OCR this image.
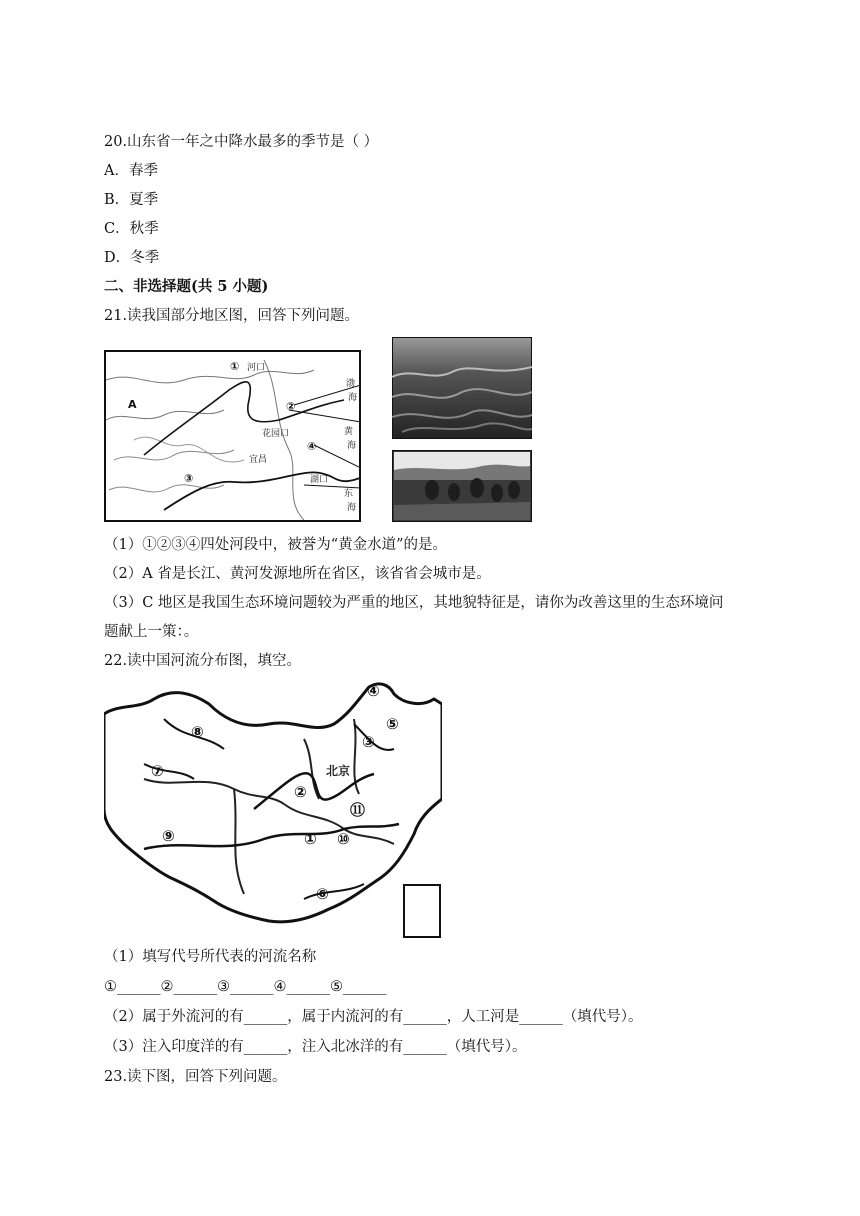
20.山东省一年之中降水最多的季节是（ ）
A．春季
B．夏季
C．秋季
D．冬季
二、非选择题(共 5 小题)
21.读我国部分地区图，回答下列问题。
A
① 河口
②
花园口
④
③
宜昌
湖口
渤
海
黄
海
东
海
（1）①②③④四处河段中，被誉为“黄金水道”的是。
（2）A 省是长江、黄河发源地所在省区，该省省会城市是。
（3）C 地区是我国生态环境问题较为严重的地区，其地貌特征是，请你为改善这里的生态环境问
题献上一策：。
22.读中国河流分布图，填空。
⑧
⑦
⑨
②
①
⑥
⑩
⑪
③
⑤
④
北京
（1）填写代号所代表的河流名称
①______②______③______④______⑤______
（2）属于外流河的有______，属于内流河的有______，人工河是______（填代号）。
（3）注入印度洋的有______，注入北冰洋的有______（填代号）。
23.读下图，回答下列问题。
